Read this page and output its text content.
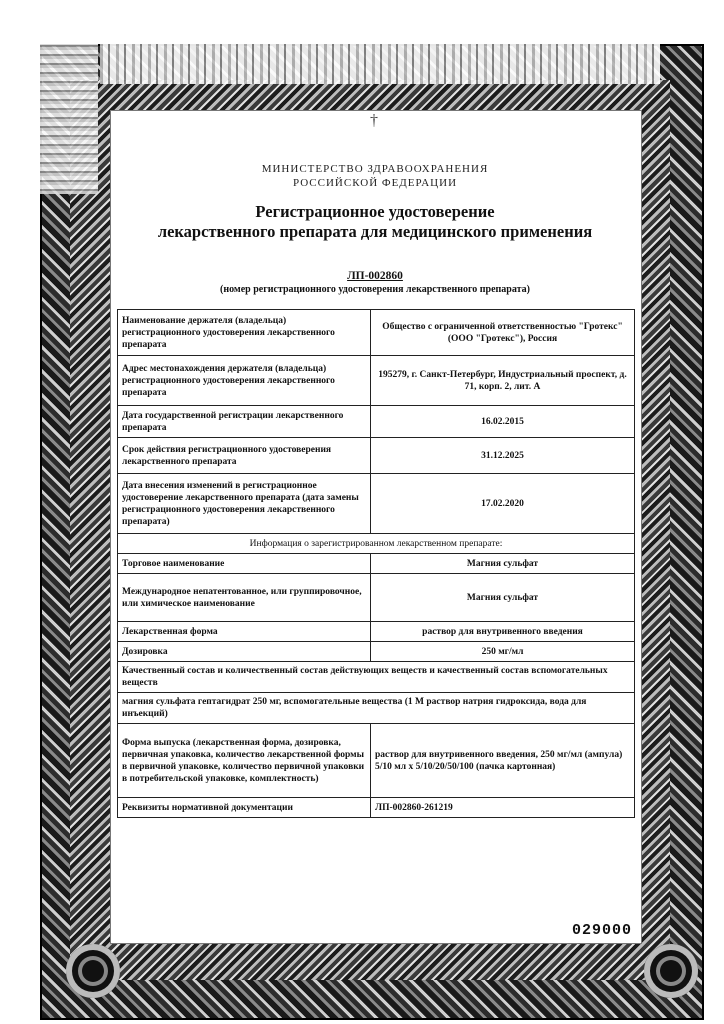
†
МИНИСТЕРСТВО ЗДРАВООХРАНЕНИЯ
РОССИЙСКОЙ ФЕДЕРАЦИИ
Регистрационное удостоверение
лекарственного препарата для медицинского применения
ЛП-002860
(номер регистрационного удостоверения лекарственного препарата)
Наименование держателя (владельца) регистрационного удостоверения лекарственного препарата	Общество с ограниченной ответственностью "Гротекс" (ООО "Гротекс"), Россия
Адрес местонахождения держателя (владельца) регистрационного удостоверения лекарственного препарата	195279, г. Санкт-Петербург, Индустриальный проспект, д. 71, корп. 2, лит. А
Дата государственной регистрации лекарственного препарата	16.02.2015
Срок действия регистрационного удостоверения лекарственного препарата	31.12.2025
Дата внесения изменений в регистрационное удостоверение лекарственного препарата (дата замены регистрационного удостоверения лекарственного препарата)	17.02.2020
Информация о зарегистрированном лекарственном препарате:	
Торговое наименование	Магния сульфат
Международное непатентованное, или группировочное, или химическое наименование	Магния сульфат
Лекарственная форма	раствор для внутривенного введения
Дозировка	250 мг/мл
Качественный состав и количественный состав действующих веществ и качественный состав вспомогательных веществ	
магния сульфата гептагидрат 250 мг, вспомогательные вещества (1 М раствор натрия гидроксида, вода для инъекций)	
Форма выпуска (лекарственная форма, дозировка, первичная упаковка, количество лекарственной формы в первичной упаковке, количество первичной упаковки в потребительской упаковке, комплектность)	раствор для внутривенного введения, 250 мг/мл (ампула) 5/10 мл х 5/10/20/50/100 (пачка картонная)
Реквизиты нормативной документации	ЛП-002860-261219
029000
